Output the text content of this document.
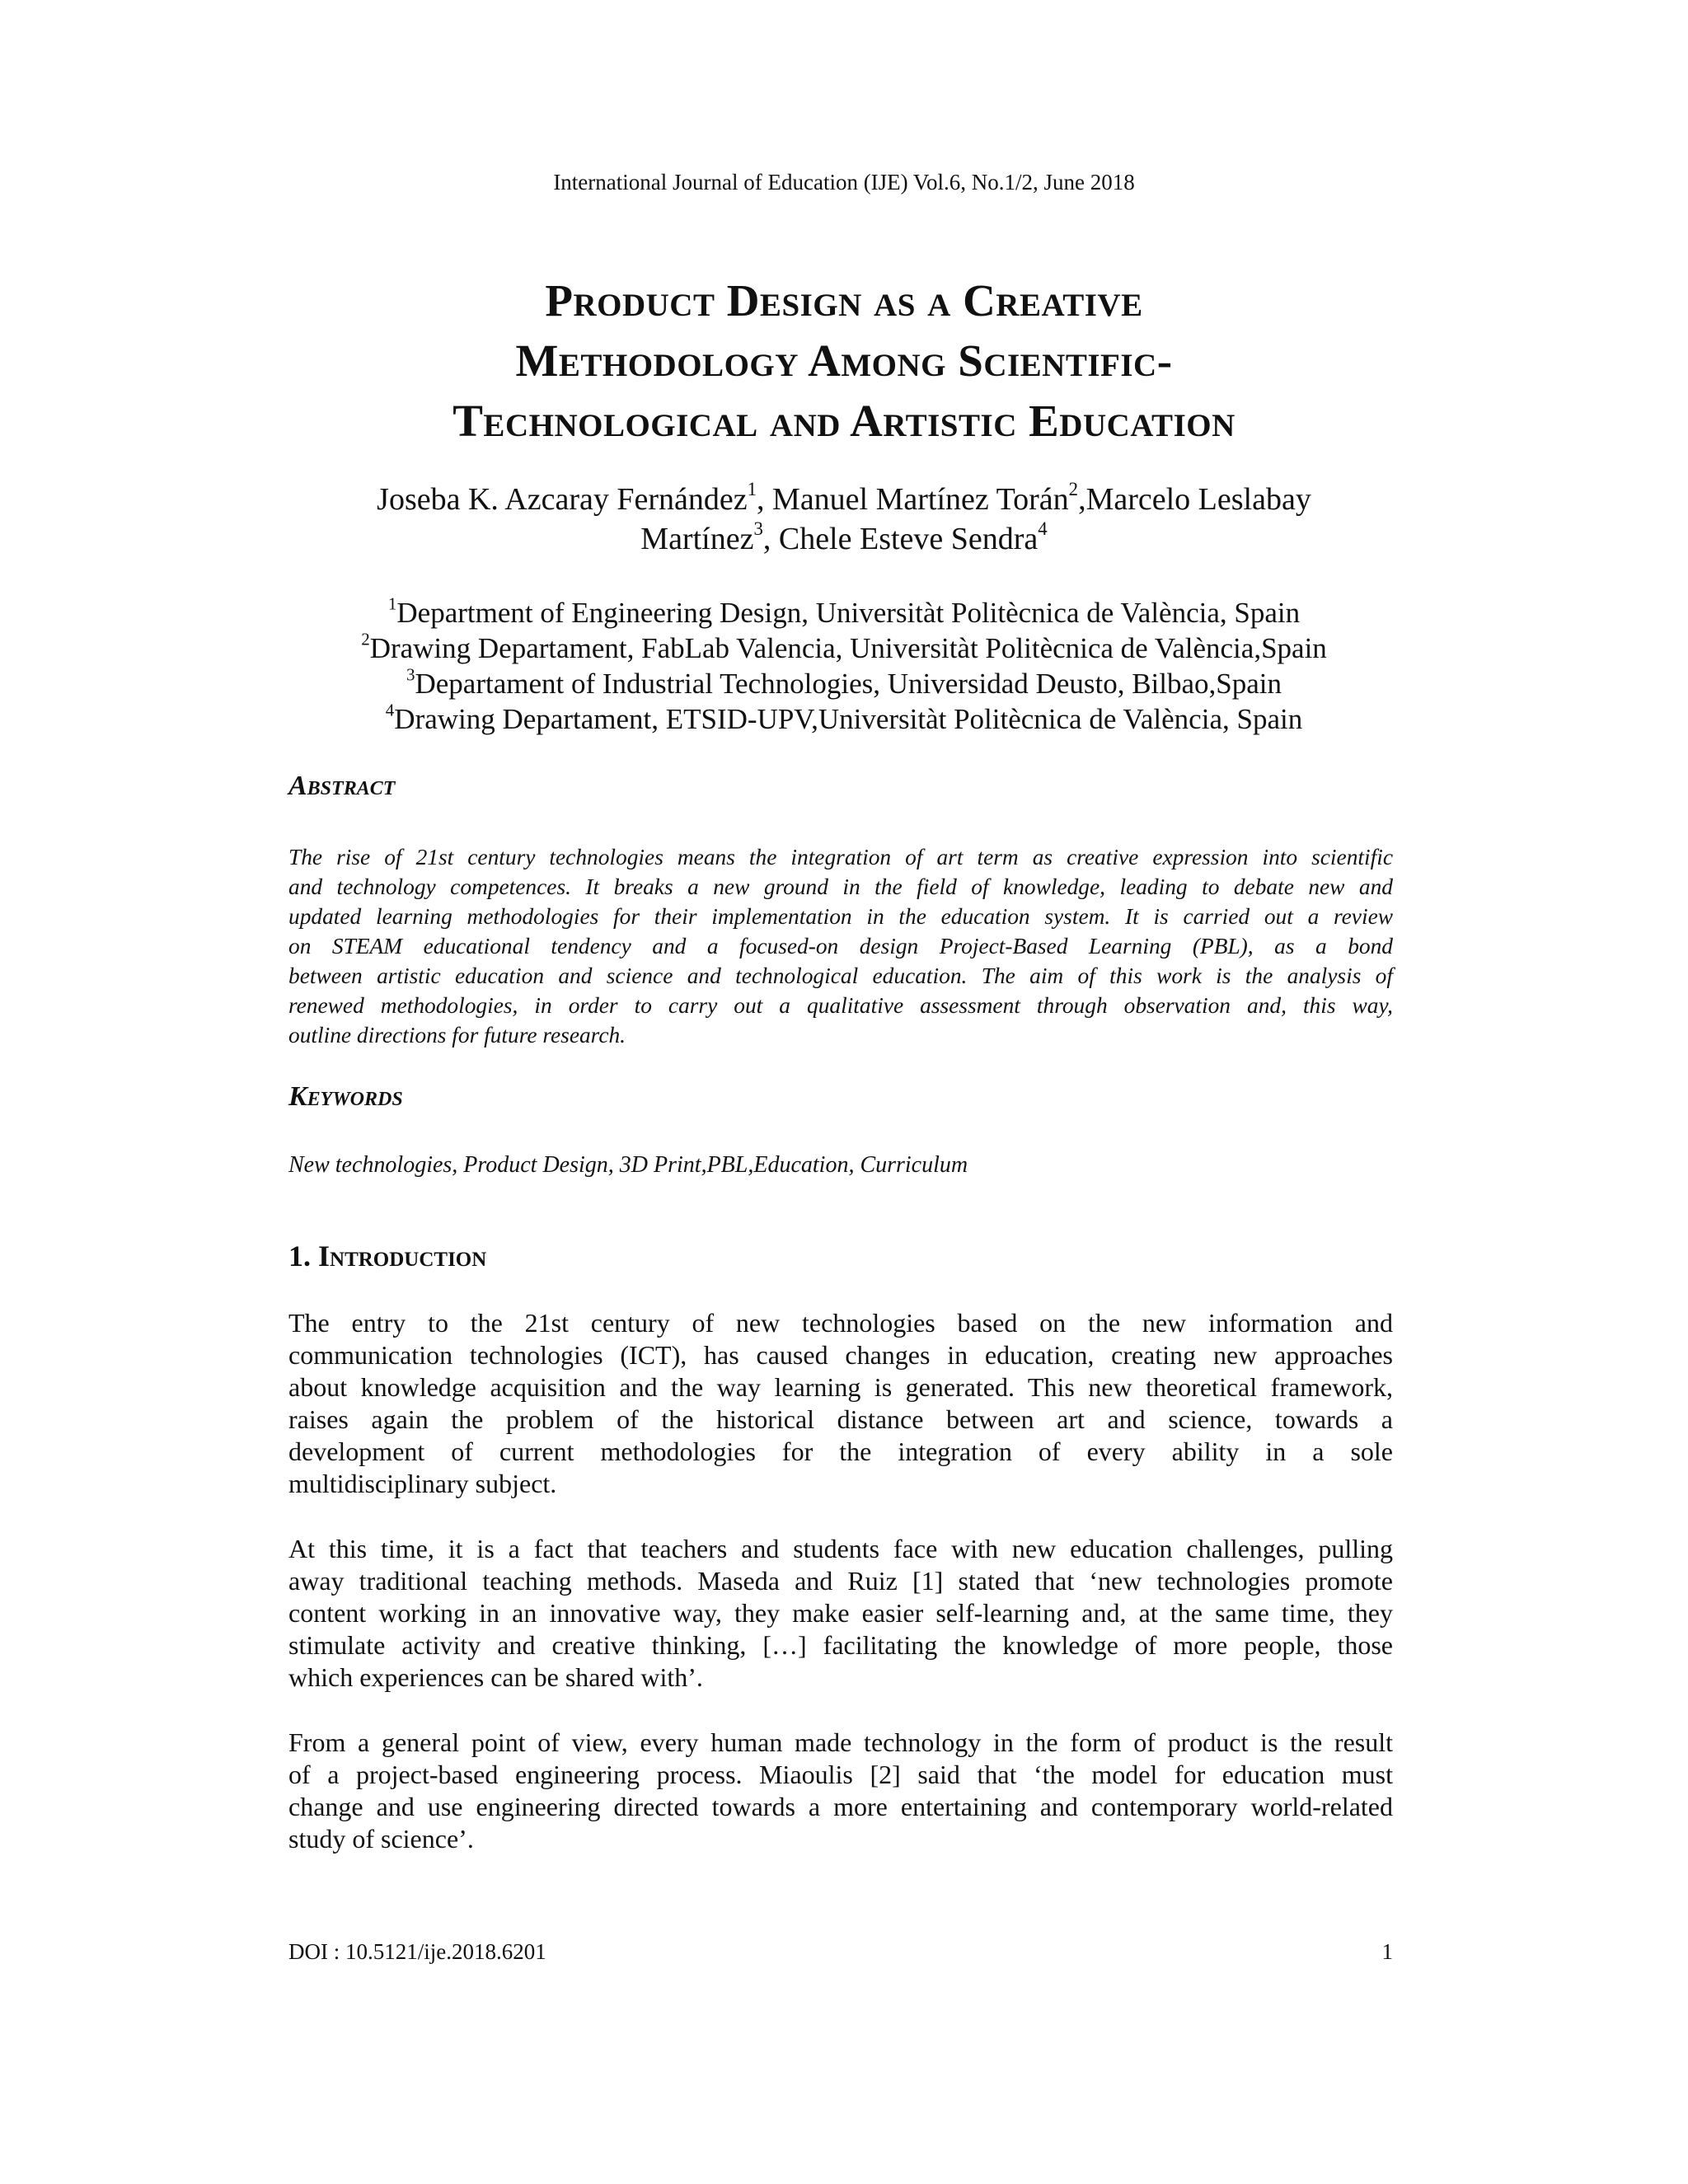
International Journal of Education (IJE) Vol.6, No.1/2, June 2018
Product Design as a Creative
Methodology Among Scientific-
Technological and Artistic Education
Joseba K. Azcaray Fernández$^1$, Manuel Martínez Torán$^2$,Marcelo Leslabay
Martínez$^3$, Chele Esteve Sendra$^4$
$^1$Department of Engineering Design, Universitàt Politècnica de València, Spain
$^2$Drawing Departament, FabLab Valencia, Universitàt Politècnica de València,Spain
$^3$Departament of Industrial Technologies, Universidad Deusto, Bilbao,Spain
$^4$Drawing Departament, ETSID-UPV,Universitàt Politècnica de València, Spain
Abstract
The rise of 21st century technologies means the integration of art term as creative expression into scientific
and technology competences. It breaks a new ground in the field of knowledge, leading to debate new and
updated learning methodologies for their implementation in the education system. It is carried out a review
on STEAM educational tendency and a focused-on design Project-Based Learning (PBL), as a bond
between artistic education and science and technological education. The aim of this work is the analysis of
renewed methodologies, in order to carry out a qualitative assessment through observation and, this way,
outline directions for future research.
Keywords
New technologies, Product Design, 3D Print,PBL,Education, Curriculum
1. Introduction
The entry to the 21st century of new technologies based on the new information and
communication technologies (ICT), has caused changes in education, creating new approaches
about knowledge acquisition and the way learning is generated. This new theoretical framework,
raises again the problem of the historical distance between art and science, towards a
development of current methodologies for the integration of every ability in a sole
multidisciplinary subject.
At this time, it is a fact that teachers and students face with new education challenges, pulling
away traditional teaching methods. Maseda and Ruiz [1] stated that ‘new technologies promote
content working in an innovative way, they make easier self-learning and, at the same time, they
stimulate activity and creative thinking, […] facilitating the knowledge of more people, those
which experiences can be shared with’.
From a general point of view, every human made technology in the form of product is the result
of a project-based engineering process. Miaoulis [2] said that ‘the model for education must
change and use engineering directed towards a more entertaining and contemporary world-related
study of science’.
DOI : 10.5121/ije.2018.6201	1
